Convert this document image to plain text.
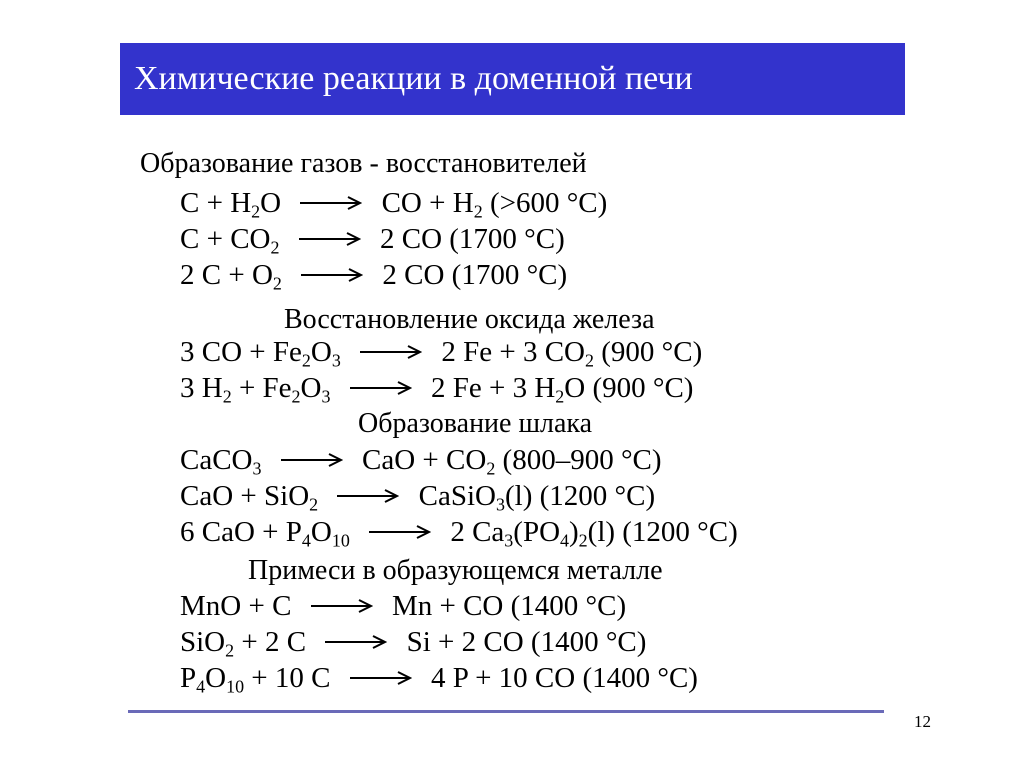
Химические реакции в доменной печи
Образование газов - восстановителей
$C + H_2O$ → CO + $H_2$ (>600 °C)
$C + CO_2 \to 2$ CO (1700 °C)
2 $C + O_2 \to 2$ CO (1700 °C)
Восстановление оксида железа
3 CO + $Fe_2O_3 \to 2$ Fe + 3 $CO_2$ (900 °C)
3 $H_2 + Fe_2O_3 \to 2$ Fe + 3 $H_2O$ (900 °C)
Образование шлака
CaCO$_3$ → CaO + $CO_2$ (800–900 °C)
CaO + SiO$_2$ → CaSiO$_3$(l) (1200 °C)
6 CaO + $P_4O_{10} \to 2$ $Ca_3(PO_4)_2(l)$ (1200 °C)
Примеси в образующемся металле
MnO + C → Mn + CO (1400 °C)
SiO$_2$ + 2 C → Si + 2 CO (1400 °C)
$P_4O_{10} + 10$ C → 4 P + 10 CO (1400 °C)
12
